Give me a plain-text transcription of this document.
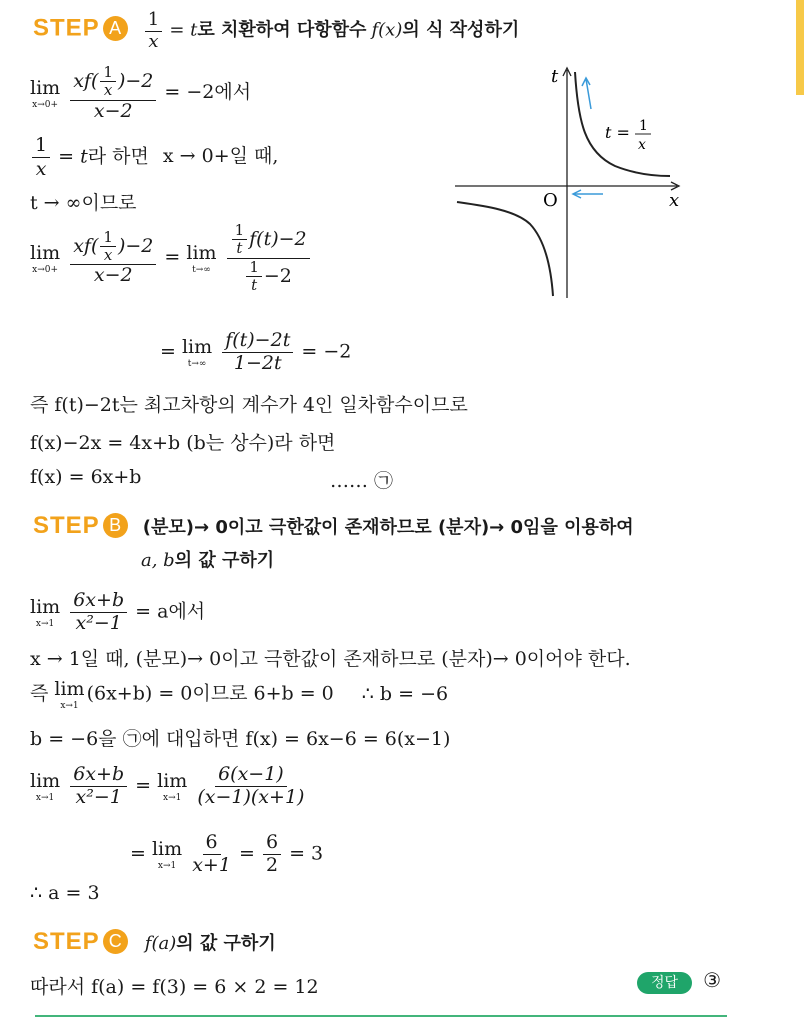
STEP A $\frac{1}{x} = t$로 치환하여 다항함수 f(x)의 식 작성하기
lim
x→0+
$\frac{xf( \frac{1}{x} )-2}{x-2} = -2$에서
$\frac{1}{x} = t$라 하면 x → 0+일 때,
t → ∞이므로
lim
x→0+
$\frac{xf( \frac{1}{x} )-2}{x-2} = \lim$
t→∞
$\frac{\frac{1}{t} f(t)-2}{\frac{1}{t} -2}$
= lim
t→∞
$\frac{f(t)-2t}{1-2t} = -2$
즉 f(t)−2t는 최고차항의 계수가 4인 일차함수이므로
f(x)−2x = 4x+b (b는 상수)라 하면
f(x) = 6x+b	…… ㉠
O	x
t
t = 1
x
STEP B (분모)→ 0이고 극한값이 존재하므로 (분자)→ 0임을 이용하여
a, b의 값 구하기
lim
x→1
$\frac{6x+b}{\text{x²−1}} = a$에서
x → 1일 때, (분모)→ 0이고 극한값이 존재하므로 (분자)→ 0이어야 한다.
즉 lim
x→1
(6x+b) = 0이므로 6+b = 0 ∴ b = −6
b = −6을 ㉠에 대입하면 f(x) = 6x−6 = 6(x−1)
lim
x→1
$\frac{6x+b}{\text{x²−1}} = \lim$
x→1
$\frac{6(x-1)}{(x-1)(x+1)}$
= lim
x→1
$\frac{6}{x+1} = \frac{6}{2} = 3$
∴ a = 3
STEP C f(a)의 값 구하기
따라서 f(a) = f(3) = 6 × 2 = 12	정답 ③
